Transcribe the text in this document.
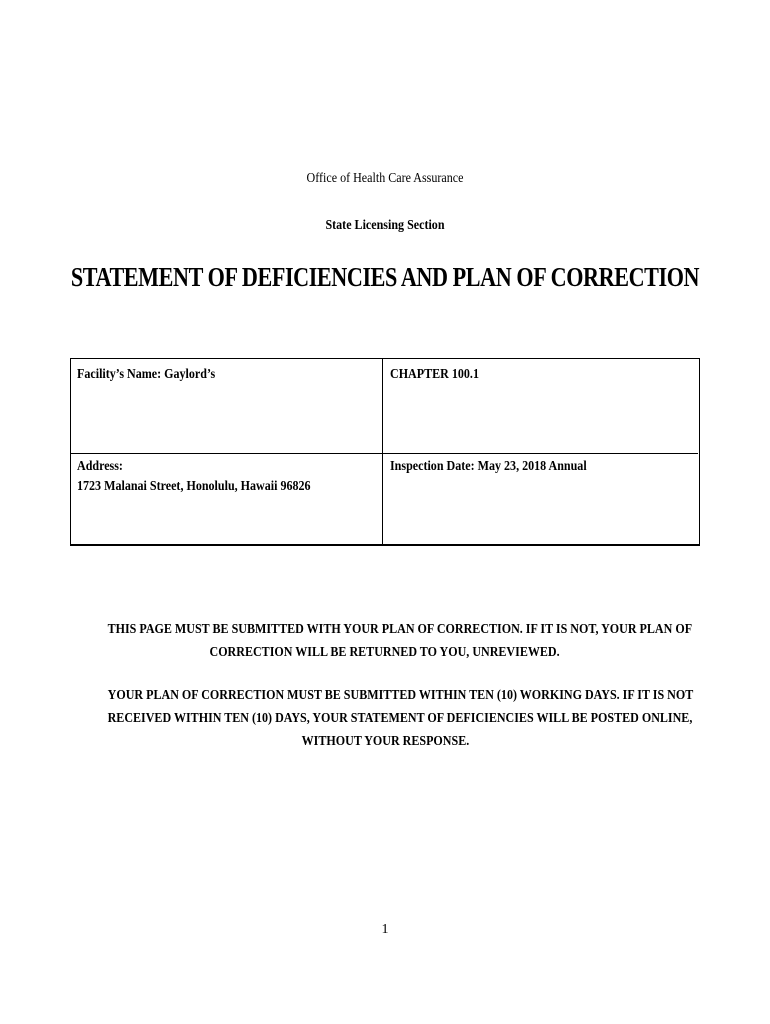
Office of Health Care Assurance
State Licensing Section
STATEMENT OF DEFICIENCIES AND PLAN OF CORRECTION
Facility’s Name: Gaylord’s	CHAPTER 100.1
Address:
1723 Malanai Street, Honolulu, Hawaii 96826
Inspection Date: May 23, 2018 Annual
THIS PAGE MUST BE SUBMITTED WITH YOUR PLAN OF CORRECTION. IF IT IS NOT, YOUR PLAN OF
CORRECTION WILL BE RETURNED TO YOU, UNREVIEWED.
YOUR PLAN OF CORRECTION MUST BE SUBMITTED WITHIN TEN (10) WORKING DAYS. IF IT IS NOT
RECEIVED WITHIN TEN (10) DAYS, YOUR STATEMENT OF DEFICIENCIES WILL BE POSTED ONLINE,
WITHOUT YOUR RESPONSE.
1
